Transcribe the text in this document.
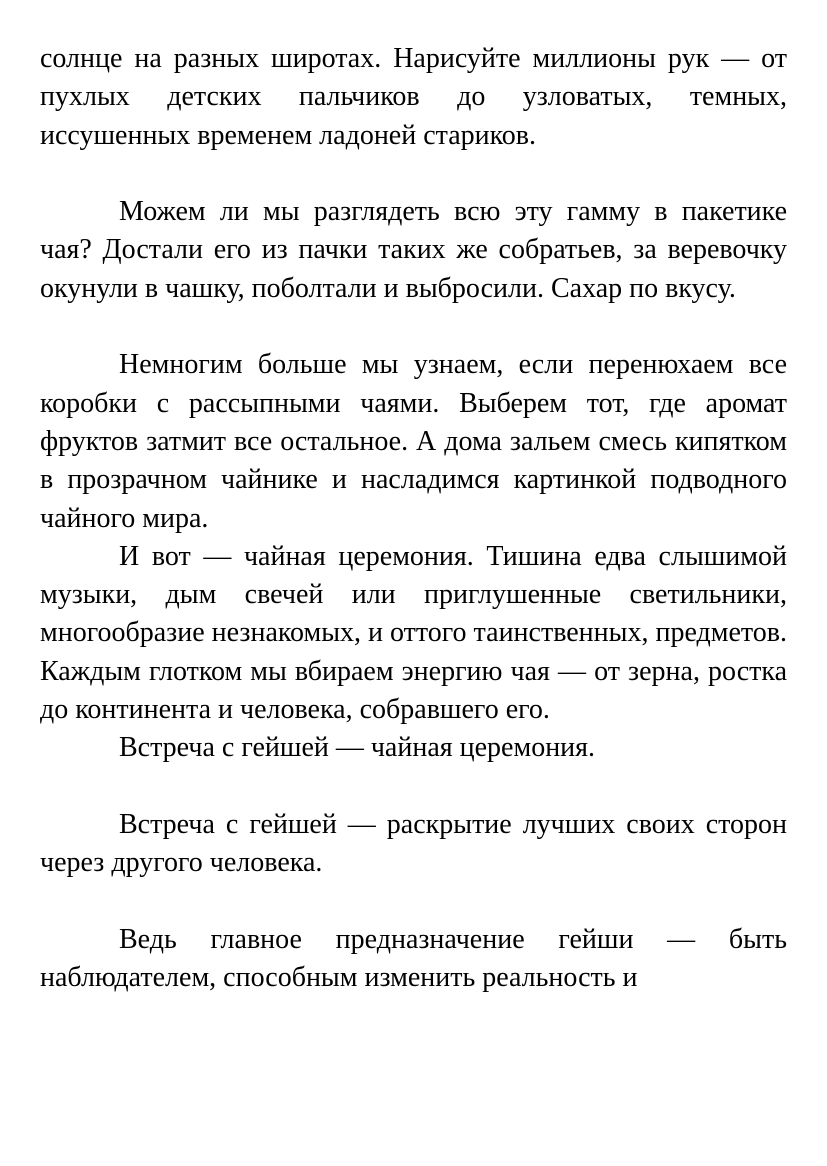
солнце на разных широтах. Нарисуйте миллионы рук — от пухлых детских пальчиков до узловатых, темных, иссушенных временем ладоней стариков.

Можем ли мы разглядеть всю эту гамму в пакетике чая? Достали его из пачки таких же собратьев, за веревочку окунули в чашку, поболтали и выбросили. Сахар по вкусу.

Немногим больше мы узнаем, если перенюхаем все коробки с рассыпными чаями. Выберем тот, где аромат фруктов затмит все остальное. А дома зальем смесь кипятком в прозрачном чайнике и насладимся картинкой подводного чайного мира.

И вот — чайная церемония. Тишина едва слышимой музыки, дым свечей или приглушенные светильники, многообразие незнакомых, и оттого таинственных, предметов. Каждым глотком мы вбираем энергию чая — от зерна, ростка до континента и человека, собравшего его.

Встреча с гейшей — чайная церемония.

Встреча с гейшей — раскрытие лучших своих сторон через другого человека.

Ведь главное предназначение гейши — быть наблюдателем, способным изменить реальность и
